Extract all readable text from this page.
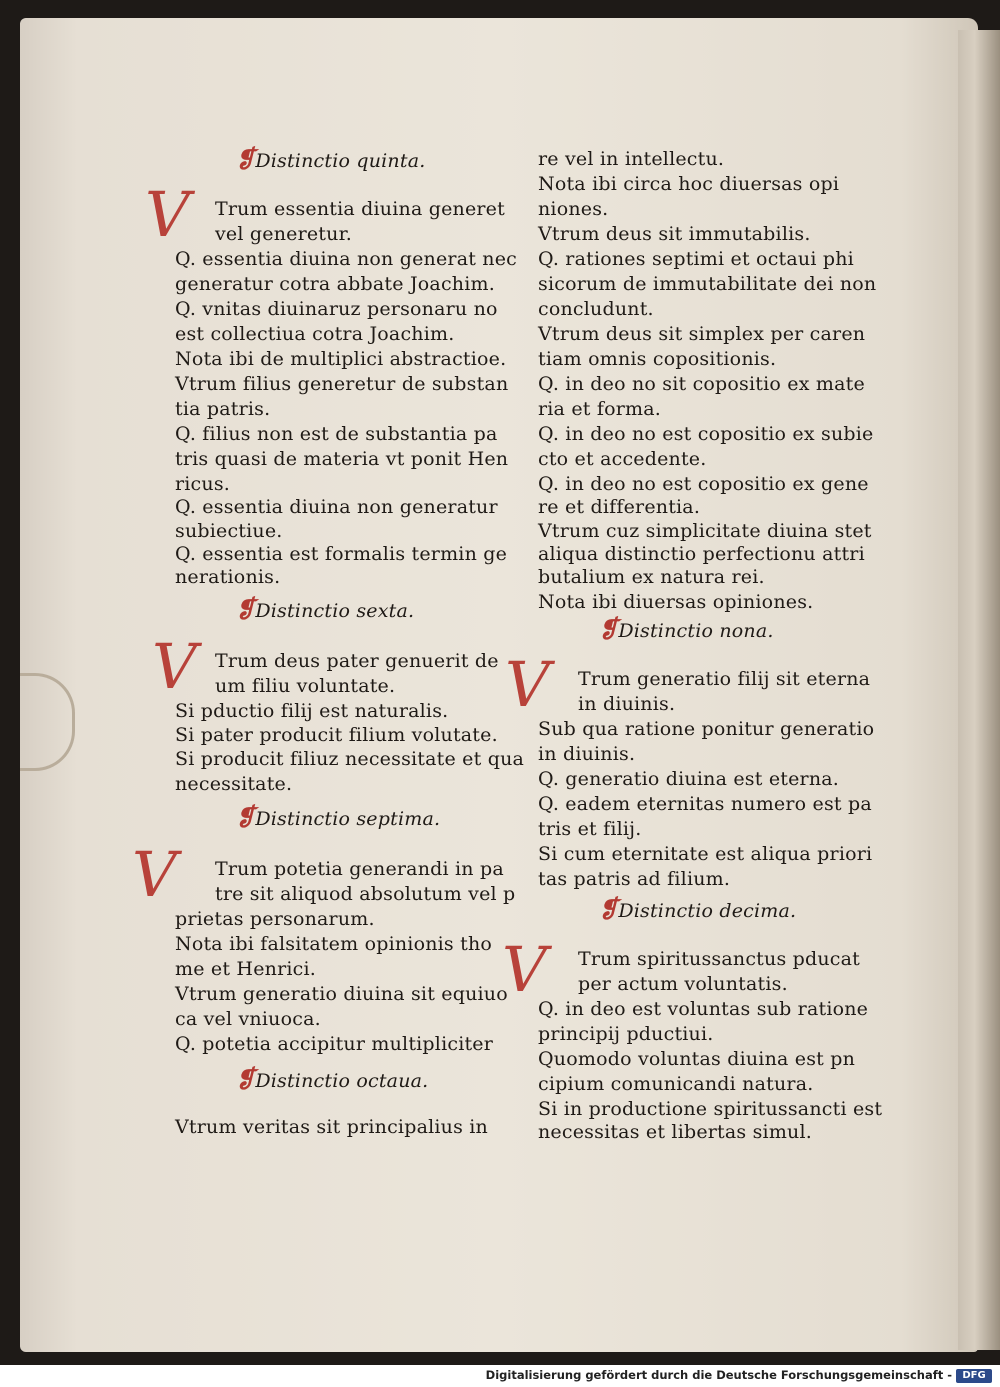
V
V
V
V
V
❡Distinctio quinta.
Trum essentia diuina generet
vel generetur.
Q. essentia diuina non generat nec
generatur cotra abbate Joachim.
Q. vnitas diuinaruz personaru no
est collectiua cotra Joachim.
Nota ibi de multiplici abstractioe.
Vtrum filius generetur de substan
tia patris.
Q. filius non est de substantia pa
tris quasi de materia vt ponit Hen
ricus.
Q. essentia diuina non generatur
subiectiue.
Q. essentia est formalis termin ge
nerationis.
❡Distinctio sexta.
Trum deus pater genuerit de
um filiu voluntate.
Si pductio filij est naturalis.
Si pater producit filium volutate.
Si producit filiuz necessitate et qua
necessitate.
❡Distinctio septima.
Trum potetia generandi in pa
tre sit aliquod absolutum vel p
prietas personarum.
Nota ibi falsitatem opinionis tho
me et Henrici.
Vtrum generatio diuina sit equiuo
ca vel vniuoca.
Q. potetia accipitur multipliciter
❡Distinctio octaua.
Vtrum veritas sit principalius in
re vel in intellectu.
Nota ibi circa hoc diuersas opi
niones.
Vtrum deus sit immutabilis.
Q. rationes septimi et octaui phi
sicorum de immutabilitate dei non
concludunt.
Vtrum deus sit simplex per caren
tiam omnis copositionis.
Q. in deo no sit copositio ex mate
ria et forma.
Q. in deo no est copositio ex subie
cto et accedente.
Q. in deo no est copositio ex gene
re et differentia.
Vtrum cuz simplicitate diuina stet
aliqua distinctio perfectionu attri
butalium ex natura rei.
Nota ibi diuersas opiniones.
❡Distinctio nona.
Trum generatio filij sit eterna
in diuinis.
Sub qua ratione ponitur generatio
in diuinis.
Q. generatio diuina est eterna.
Q. eadem eternitas numero est pa
tris et filij.
Si cum eternitate est aliqua priori
tas patris ad filium.
❡Distinctio decima.
Trum spiritussanctus pducat
per actum voluntatis.
Q. in deo est voluntas sub ratione
principij pductiui.
Quomodo voluntas diuina est pn
cipium comunicandi natura.
Si in productione spiritussancti est
necessitas et libertas simul.
Digitalisierung gefördert durch die Deutsche Forschungsgemeinschaft -	DFG
